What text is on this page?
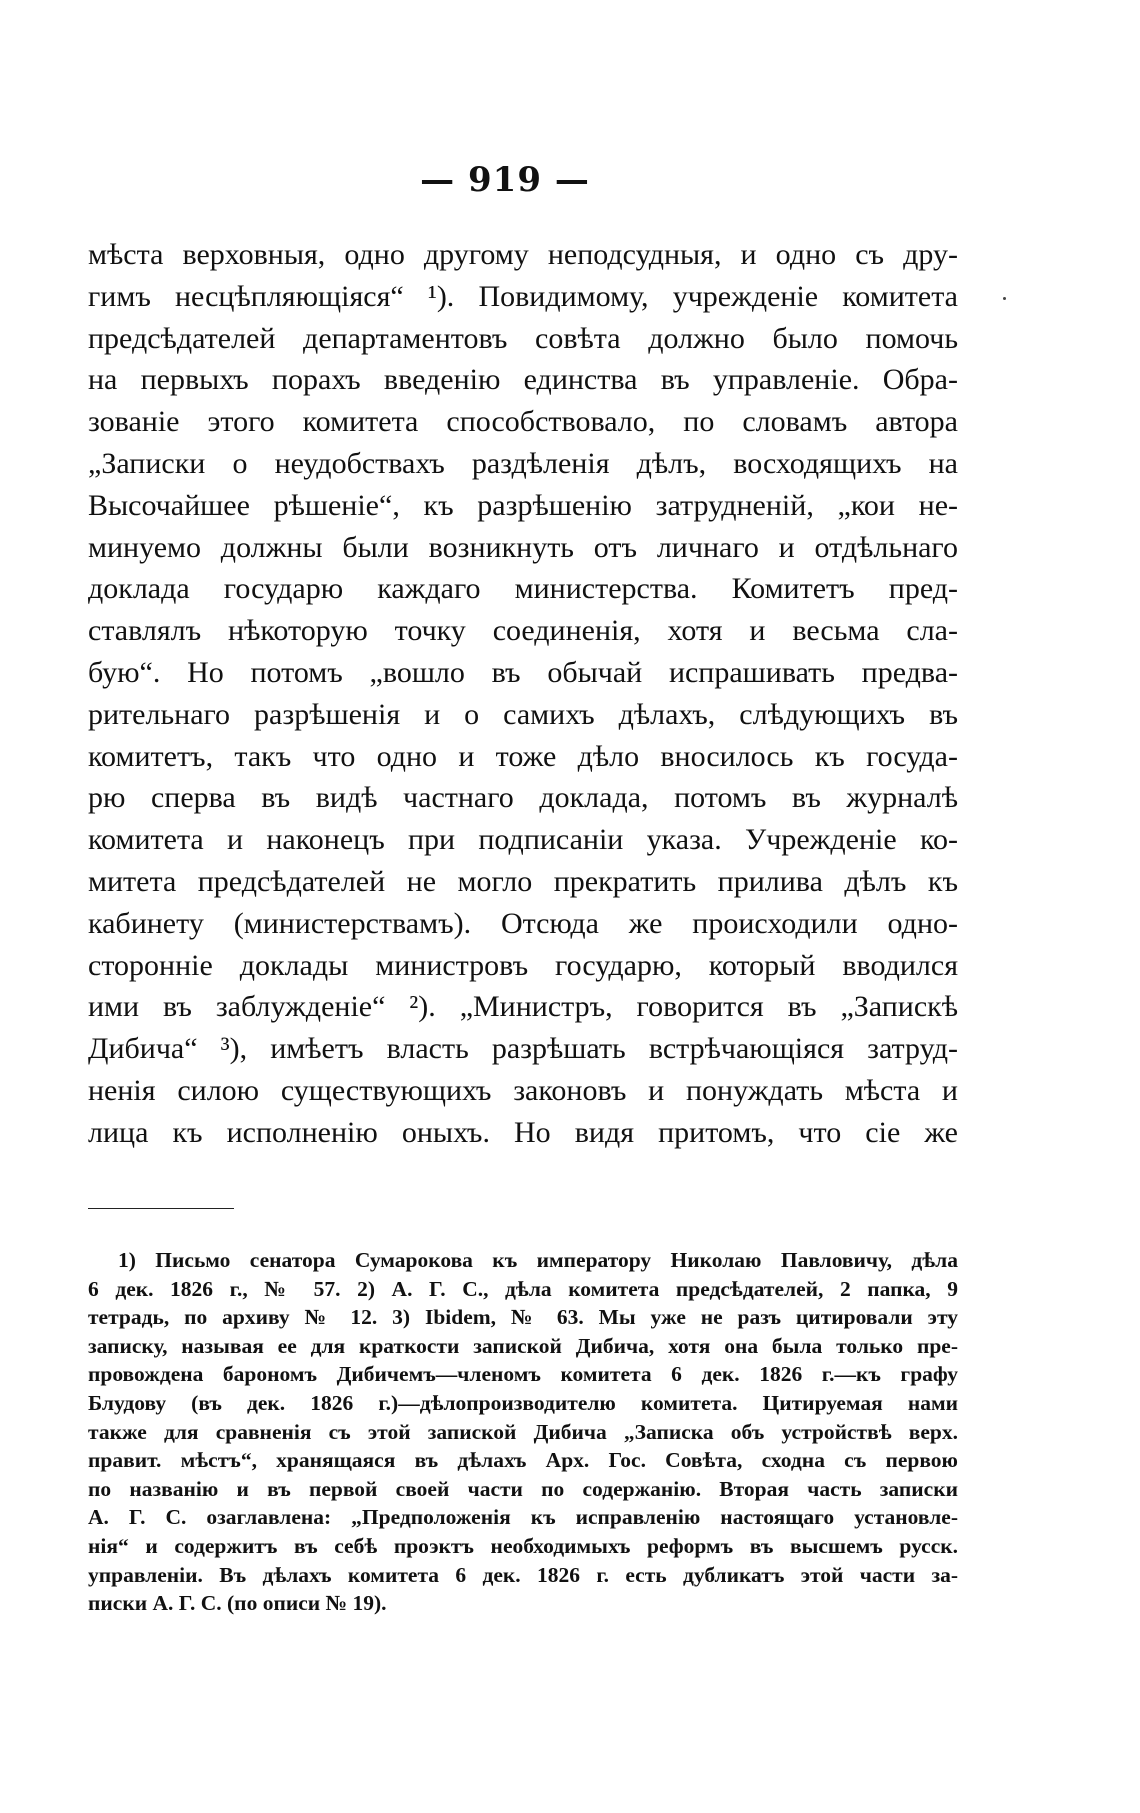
— 919 —
мѣста верховныя, одно другому неподсудныя, и одно съ дру-
гимъ несцѣпляющіяся“ ¹). Повидимому, учрежденіе комитета
предсѣдателей департаментовъ совѣта должно было помочь
на первыхъ порахъ введенію единства въ управленіе. Обра-
зованіе этого комитета способствовало, по словамъ автора
„Записки о неудобствахъ раздѣленія дѣлъ, восходящихъ на
Высочайшее рѣшеніе“, къ разрѣшенію затрудненій, „кои не-
минуемо должны были возникнуть отъ личнаго и отдѣльнаго
доклада государю каждаго министерства. Комитетъ пред-
ставлялъ нѣкоторую точку соединенія, хотя и весьма сла-
бую“. Но потомъ „вошло въ обычай испрашивать предва-
рительнаго разрѣшенія и о самихъ дѣлахъ, слѣдующихъ въ
комитетъ, такъ что одно и тоже дѣло вносилось къ госуда-
рю сперва въ видѣ частнаго доклада, потомъ въ журналѣ
комитета и наконецъ при подписаніи указа. Учрежденіе ко-
митета предсѣдателей не могло прекратить прилива дѣлъ къ
кабинету (министерствамъ). Отсюда же происходили одно-
сторонніе доклады министровъ государю, который вводился
ими въ заблужденіе“ ²). „Министръ, говорится въ „Запискѣ
Дибича“ ³), имѣетъ власть разрѣшать встрѣчающіяся затруд-
ненія силою существующихъ законовъ и понуждать мѣста и
лица къ исполненію оныхъ. Но видя притомъ, что сіе же
1) Письмо сенатора Сумарокова къ императору Николаю Павловичу, дѣла
6 дек. 1826 г., № 57. 2) А. Г. С., дѣла комитета предсѣдателей, 2 папка, 9
тетрадь, по архиву № 12. 3) Ibidem, № 63. Мы уже не разъ цитировали эту
записку, называя ее для краткости запиской Дибича, хотя она была только пре-
провождена барономъ Дибичемъ—членомъ комитета 6 дек. 1826 г.—къ графу
Блудову (въ дек. 1826 г.)—дѣлопроизводителю комитета. Цитируемая нами
также для сравненія съ этой запиской Дибича „Записка объ устройствѣ верх.
правит. мѣстъ“, хранящаяся въ дѣлахъ Арх. Гос. Совѣта, сходна съ первою
по названію и въ первой своей части по содержанію. Вторая часть записки
А. Г. С. озаглавлена: „Предположенія къ исправленію настоящаго установле-
нія“ и содержитъ въ себѣ проэктъ необходимыхъ реформъ въ высшемъ русск.
управленіи. Въ дѣлахъ комитета 6 дек. 1826 г. есть дубликатъ этой части за-
писки А. Г. С. (по описи № 19).
